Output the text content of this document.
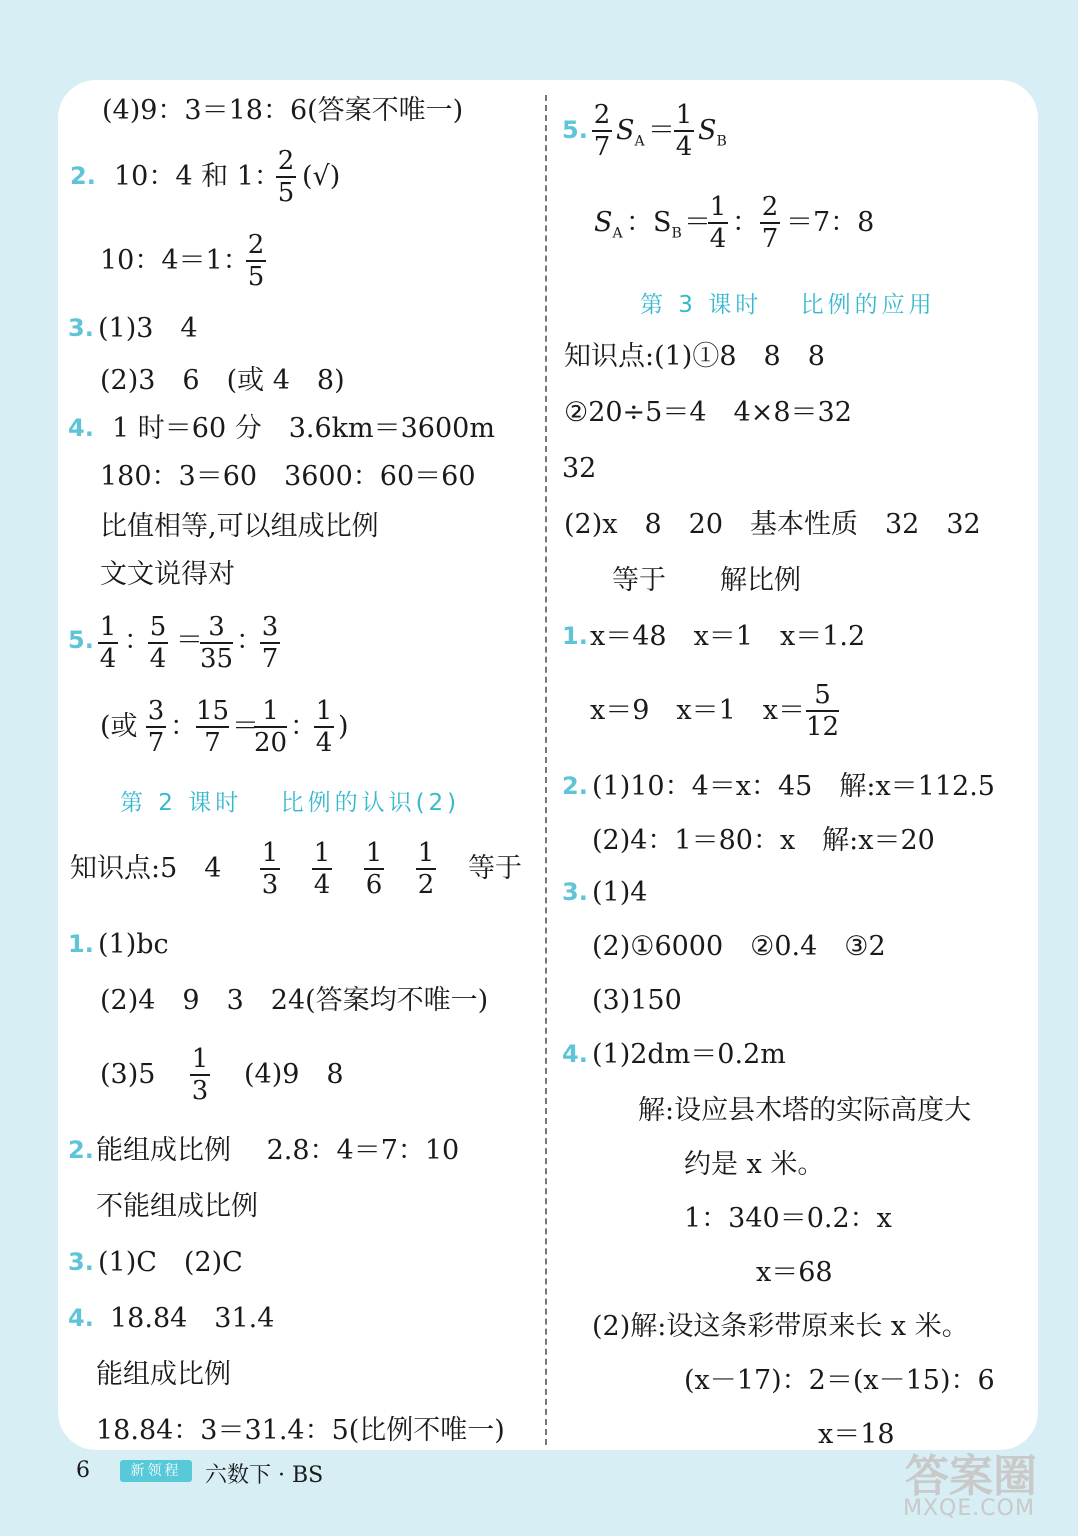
(4)9：3＝18：6(答案不唯一)
2. 10：4 和 1：
2
5
(√)
10：4＝1：
2
5
3. (1)3　4
(2)3　6　(或 4　8)
4. 1 时＝60 分　3.6km＝3600m
180：3＝60　3600：60＝60
比值相等,可以组成比例
文文说得对
5. 1
4
：
5
4
＝ 3
35
：
3
7
(或 3
7
： 15
7
＝ 1
20
：
1
4
)
第 2 课时　 比例的认识(2)
知识点:5　4 1
3
1
4
1
6
1
2
等于
1. (1)bc
(2)4　9　3　24(答案均不唯一)
(3)5 1
3
(4)9　8
2. 能组成比例　 2.8：4＝7：10
不能组成比例
3. (1)C　(2)C
4. 18.84　31.4
能组成比例
18.84：3＝31.4：5(比例不唯一)
5. 2
7
$S_A = 1$
4
$S_B$
$S_A$ ：$S_B$ ＝
1
4
： 2
7
＝7：8
第 3 课时　 比例的应用
知识点:(1)①8　8　8
②20÷5＝4　4×8＝32
32
(2)x　8　20　基本性质　32　32
等于　　解比例
1. x＝48　x＝1　x＝1.2
x＝9　x＝1　x＝ 5
12
2. (1)10：4＝x：45　解:x＝112.5
(2)4：1＝80：x　解:x＝20
3. (1)4
(2)①6000　②0.4　③2
(3)150
4. (1)2dm＝0.2m
解:设应县木塔的实际高度大
约是 x 米。
1：340＝0.2：x
x＝68
(2)解:设这条彩带原来长 x 米。
(x－17)：2＝(x－15)：6
x＝18
6	新领程	六数下 · BS	答案圈
MXQE.COM
